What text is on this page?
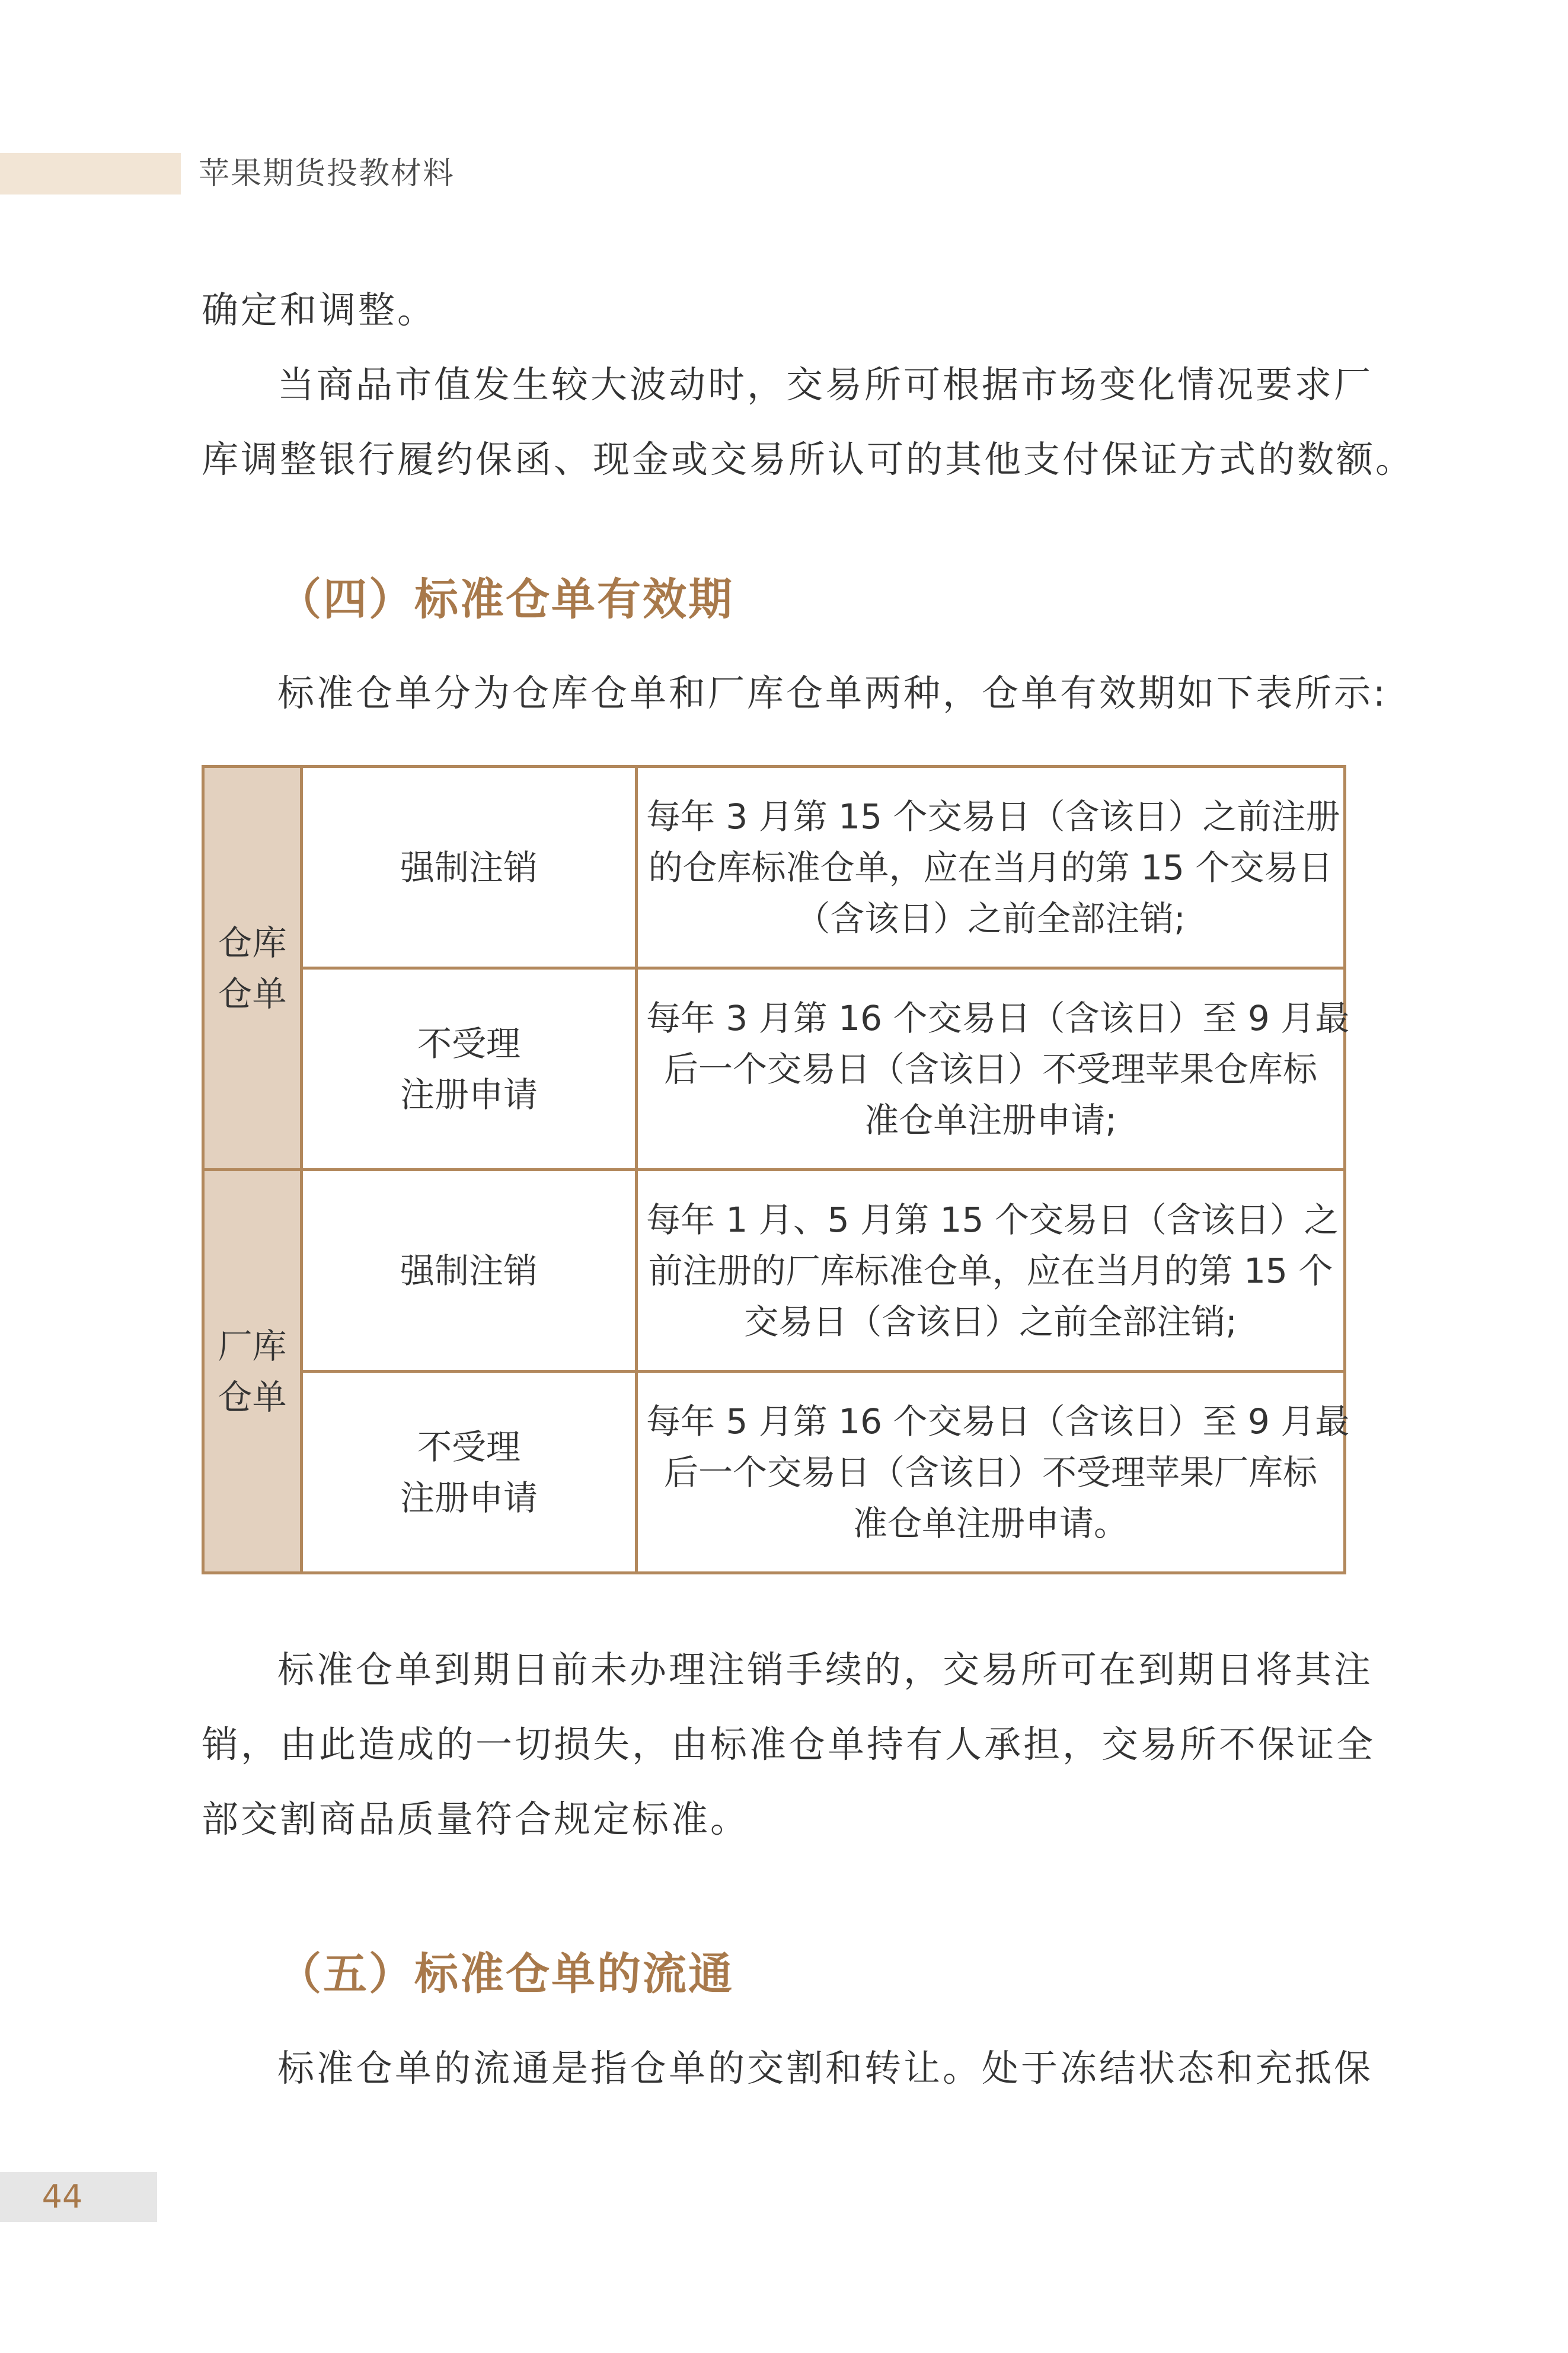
苹果期货投教材料

确定和调整。

当商品市值发生较大波动时，交易所可根据市场变化情况要求厂
库调整银行履约保函、现金或交易所认可的其他支付保证方式的数额。

（四）标准仓单有效期

标准仓单分为仓库仓单和厂库仓单两种，仓单有效期如下表所示:

仓库
仓单	强制注销	每年 3 月第 15 个交易日（含该日）之前注册
的仓库标准仓单，应在当月的第 15 个交易日
（含该日）之前全部注销;

	不受理
注册申请	每年 3 月第 16 个交易日（含该日）至 9 月最
后一个交易日（含该日）不受理苹果仓库标
准仓单注册申请;

厂库
仓单	强制注销	每年 1 月、5 月第 15 个交易日（含该日）之
前注册的厂库标准仓单，应在当月的第 15 个
交易日（含该日）之前全部注销;

	不受理
注册申请	每年 5 月第 16 个交易日（含该日）至 9 月最
后一个交易日（含该日）不受理苹果厂库标
准仓单注册申请。

标准仓单到期日前未办理注销手续的，交易所可在到期日将其注
销，由此造成的一切损失，由标准仓单持有人承担，交易所不保证全
部交割商品质量符合规定标准。

（五）标准仓单的流通

标准仓单的流通是指仓单的交割和转让。处于冻结状态和充抵保

44
